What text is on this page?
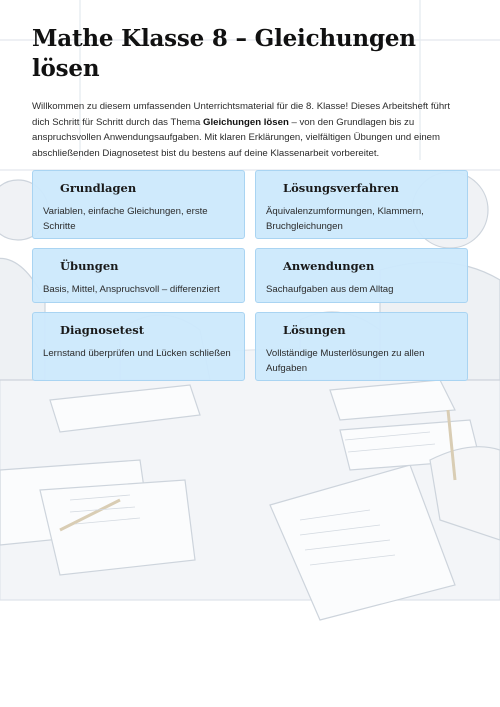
Mathe Klasse 8 – Gleichungen lösen

Willkommen zu diesem umfassenden Unterrichtsmaterial für die 8. Klasse! Dieses Arbeitsheft führt dich Schritt für Schritt durch das Thema Gleichungen lösen – von den Grundlagen bis zu anspruchsvollen Anwendungsaufgaben. Mit klaren Erklärungen, vielfältigen Übungen und einem abschließenden Diagnosetest bist du bestens auf deine Klassenarbeit vorbereitet.

Grundlagen
Variablen, einfache Gleichungen, erste Schritte
Lösungsverfahren
Äquivalenzumformungen, Klammern, Bruchgleichungen
Übungen
Basis, Mittel, Anspruchsvoll – differenziert
Anwendungen
Sachaufgaben aus dem Alltag
Diagnosetest
Lernstand überprüfen und Lücken schließen
Lösungen
Vollständige Musterlösungen zu allen Aufgaben
